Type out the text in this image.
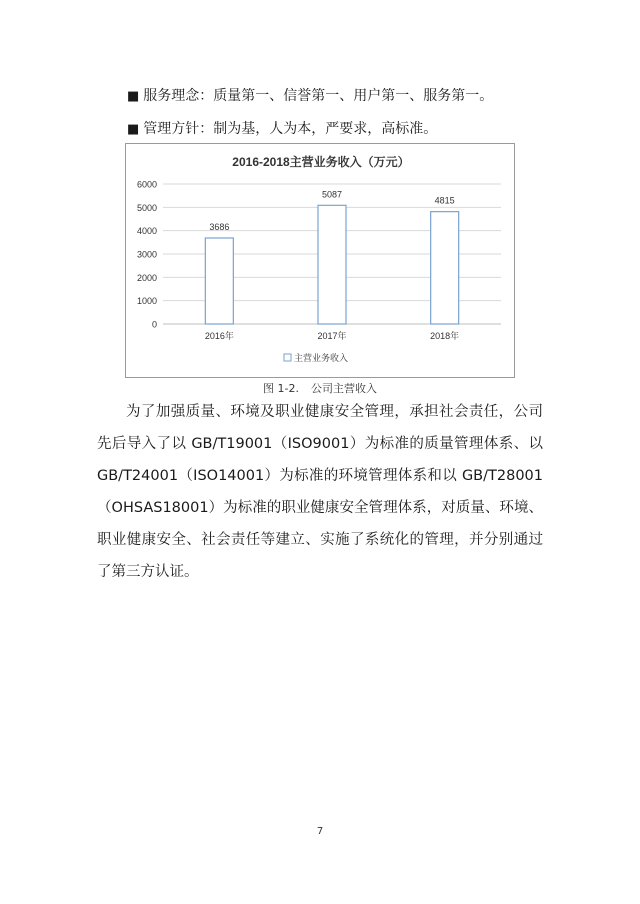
■ 服务理念：质量第一、信誉第一、用户第一、服务第一。
■ 管理方针：制为基，人为本，严要求，高标准。
2016-2018主营业务收入（万元）
0
1000
2000
3000
4000
5000
6000
3686
2016年
5087
2017年
4815
2018年
主营业务收入
图 1-2. 公司主营收入
为了加强质量、环境及职业健康安全管理，承担社会责任，公司
先后导入了以 GB/T19001（ISO9001）为标准的质量管理体系、以
GB/T24001（ISO14001）为标准的环境管理体系和以 GB/T28001
（OHSAS18001）为标准的职业健康安全管理体系，对质量、环境、
职业健康安全、社会责任等建立、实施了系统化的管理，并分别通过
了第三方认证。
7
